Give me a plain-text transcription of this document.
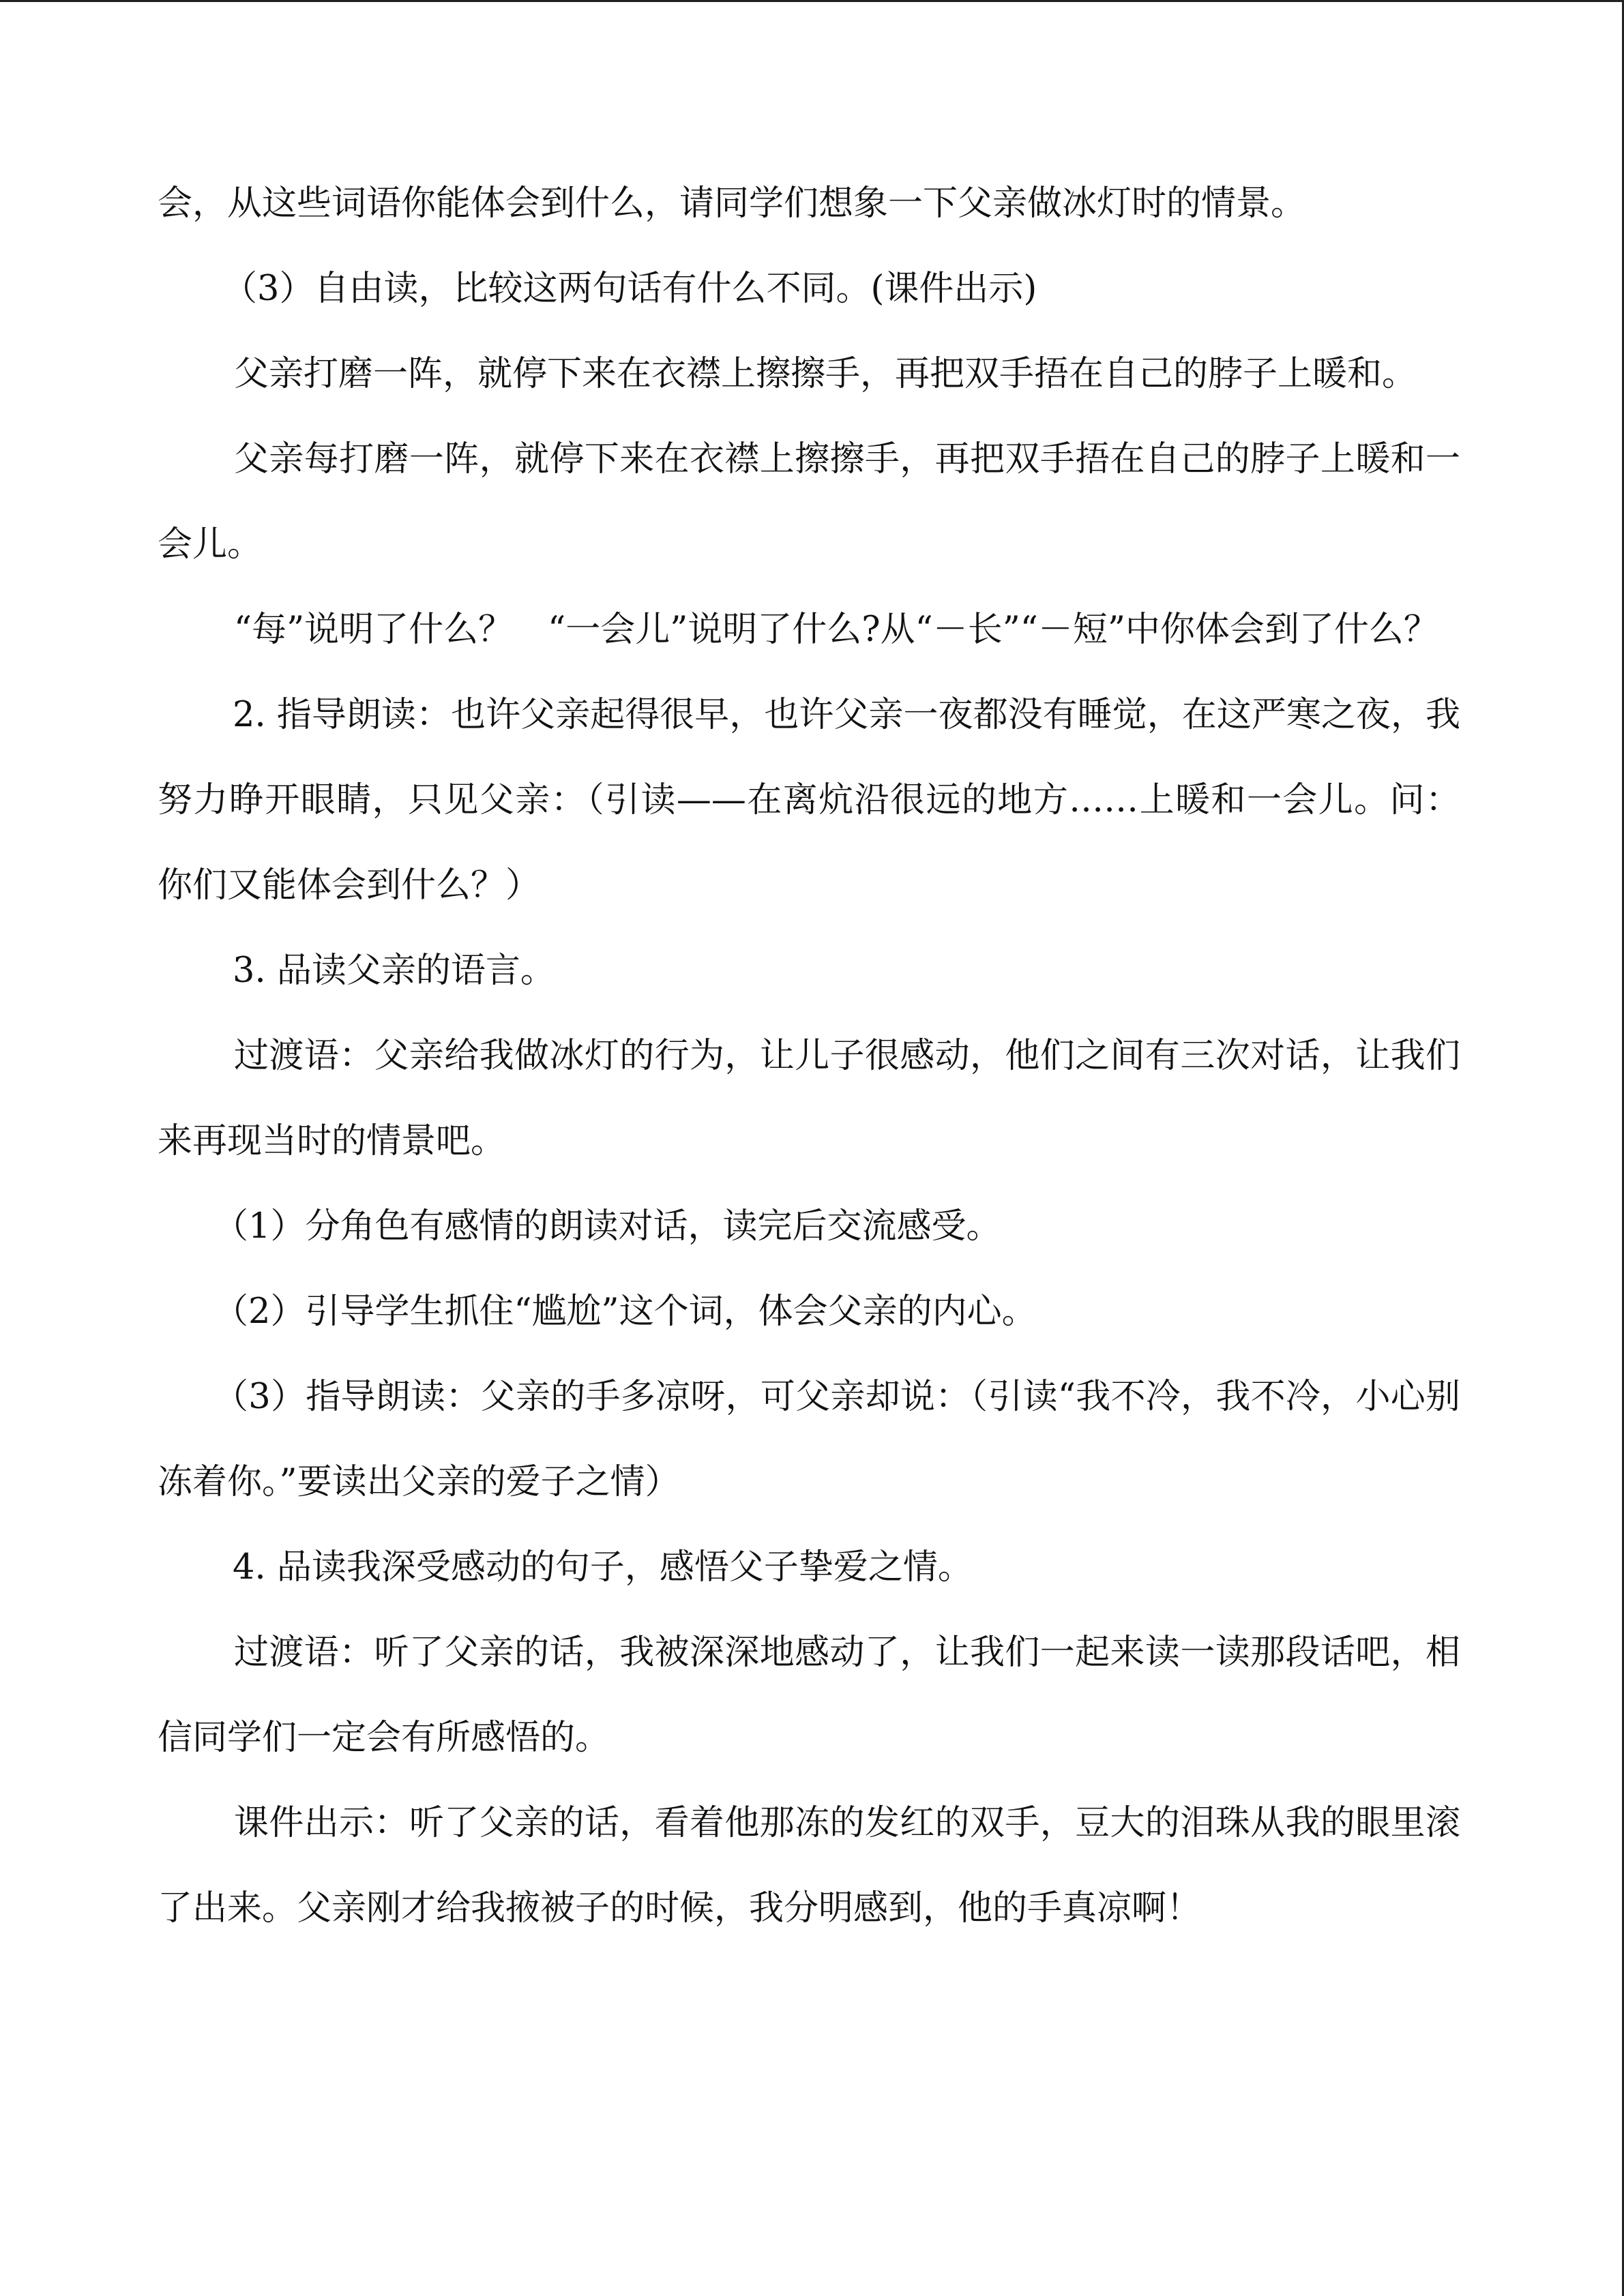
会，从这些词语你能体会到什么，请同学们想象一下父亲做冰灯时的情景。

（3）自由读，比较这两句话有什么不同。(课件出示)

父亲打磨一阵，就停下来在衣襟上擦擦手，再把双手捂在自己的脖子上暖和。

父亲每打磨一阵，就停下来在衣襟上擦擦手，再把双手捂在自己的脖子上暖和一会儿。

“每”说明了什么？　“一会儿”说明了什么?从“－长”“－短”中你体会到了什么？

2. 指导朗读：也许父亲起得很早，也许父亲一夜都没有睡觉，在这严寒之夜，我努力睁开眼睛，只见父亲：（引读——在离炕沿很远的地方……上暖和一会儿。问：你们又能体会到什么？）

3. 品读父亲的语言。

过渡语：父亲给我做冰灯的行为，让儿子很感动，他们之间有三次对话，让我们来再现当时的情景吧。

（1）分角色有感情的朗读对话，读完后交流感受。

（2）引导学生抓住“尴尬”这个词，体会父亲的内心。

（3）指导朗读：父亲的手多凉呀，可父亲却说：（引读“我不冷，我不冷，小心别冻着你。”要读出父亲的爱子之情）

4. 品读我深受感动的句子，感悟父子挚爱之情。

过渡语：听了父亲的话，我被深深地感动了，让我们一起来读一读那段话吧，相信同学们一定会有所感悟的。

课件出示：听了父亲的话，看着他那冻的发红的双手，豆大的泪珠从我的眼里滚了出来。父亲刚才给我掖被子的时候，我分明感到，他的手真凉啊！
